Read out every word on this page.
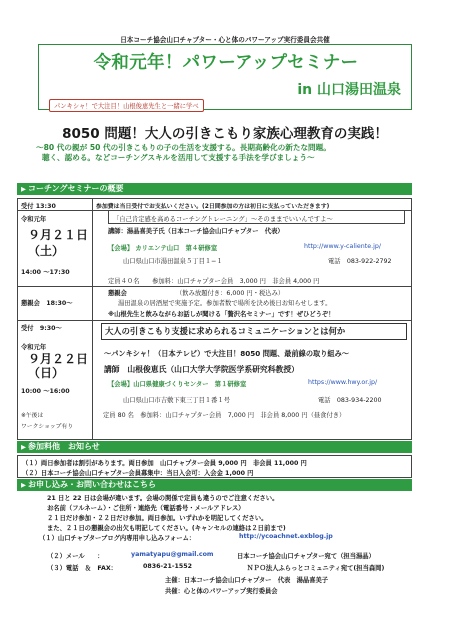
日本コーチ協会山口チャプター・心と体のパワーアップ実行委員会共催
令和元年！パワーアップセミナー
in 山口湯田温泉
パンキシャ！で大注目！山根俊恵先生と一緒に学べ
8050 問題！大人の引きこもり家族心理教育の実践！
〜80 代の親が 50 代の引きこもりの子の生活を支援する。長期高齢化の新たな問題。
聴く、認める。などコーチングスキルを活用して支援する手法を学びましょう〜
▶ コーチングセミナーの概要
受付 13:30	参加費は当日受付でお支払いください。(2日間参加の方は初日に支払っていただきます)
令和元年
９月２１日
（土）
14:00 〜17:30
「自己肯定感を高めるコーチングトレーニング」〜そのままでいいんですよ〜
講師：湯晶喜美子氏（日本コーチ協会山口チャプター　代表）
【会場】 カリエンテ山口　第４研修室	http://www.y-caliente.jp/
山口県山口市湯田温泉５丁目１−１	電話　083-922-2792
定員４０名　　参加料：山口チャプター会員　3,000 円　非会員 4,000 円
懇親会　18:30〜
懇親会	（飲み放題付き：6,000 円・税込み）
湯田温泉の居酒屋で実施予定。参加者数で場所を決め後日お知らせします。
※山根先生と飲みながらお話しが聞ける「贅沢名セミナー」です！ぜひどうぞ！
受付　9:30〜
令和元年
９月２２日
（日）
10:00 〜16:00
※午後は
ワークショップ有り
大人の引きこもり支援に求められるコミュニケーションとは何か
〜パンキシャ！（日本テレビ）で大注目！8050 問題、最前線の取り組み〜
講師　山根俊恵氏（山口大学大学院医学系研究科教授）
【会場】山口県健康づくりセンター　第１研修室	https://www.hwy.or.jp/
山口県山口市吉敷下東三丁目１番１号	電話　083-934-2200
定員 80 名　参加料：山口チャプター会員　7,000 円　非会員 8,000 円（昼食付き）
▶ 参加料他　お知らせ
（１）両日参加者は割引があります。両日参加　山口チャプター会員 9,000 円　非会員 11,000 円
（２）日本コーチ協会山口チャプター会員募集中：当日入会可：入会金 1,000 円
▶ お申し込み・お問い合わせはこちら
21 日と 22 日は会場が違います。会場の関係で定員も違うのでご注意ください。
お名前（フルネーム）・ご住所・連絡先（電話番号・メールアドレス）
２１日だけ参加・２２日だけ参加。両日参加。いずれかを明記してください。
また、２１日の懇親会の出欠も明記してください。(キャンセルの連絡は２日前まで)
（１）山口チャプターブログ内専用申し込みフォーム：	http://ycoachnet.exblog.jp
（２）メール　　：	yamatyapu@gmail.com	日本コーチ協会山口チャプター宛て（担当湯晶）
（３）電話　＆　FAX：	0836-21-1552	ＮＰＯ法人ふらっとコミュニティ宛て(担当森岡)
主催：日本コーチ協会山口チャプター　代表　湯晶喜美子
共催：心と体のパワーアップ実行委員会
